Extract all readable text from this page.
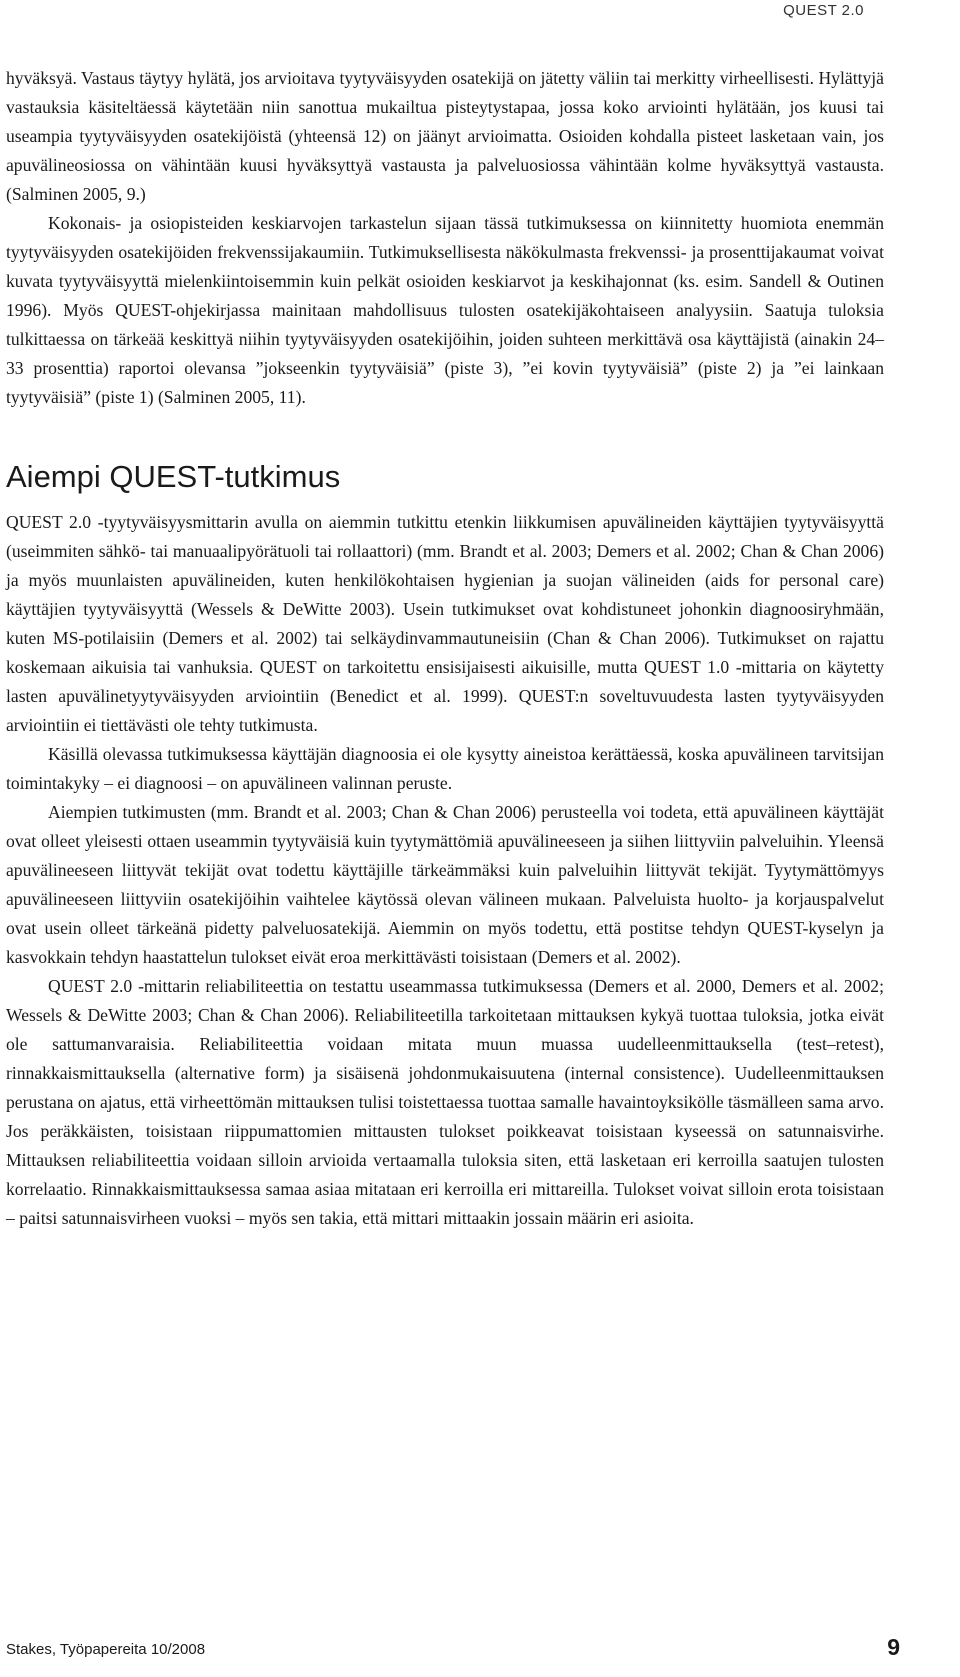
QUEST 2.0

hyväksyä. Vastaus täytyy hylätä, jos arvioitava tyytyväisyyden osatekijä on jätetty väliin tai merkitty virheellisesti. Hylättyjä vastauksia käsiteltäessä käytetään niin sanottua mukailtua pisteytystapaa, jossa koko arviointi hylätään, jos kuusi tai useampia tyytyväisyyden osatekijöistä (yhteensä 12) on jäänyt arvioimatta. Osioiden kohdalla pisteet lasketaan vain, jos apuvälineosiossa on vähintään kuusi hyväksyttyä vastausta ja palveluosiossa vähintään kolme hyväksyttyä vastausta. (Salminen 2005, 9.)

Kokonais- ja osiopisteiden keskiarvojen tarkastelun sijaan tässä tutkimuksessa on kiinnitetty huomiota enemmän tyytyväisyyden osatekijöiden frekvenssijakaumiin. Tutkimuksellisesta näkökulmasta frekvenssi- ja prosenttijakaumat voivat kuvata tyytyväisyyttä mielenkiintoisemmin kuin pelkät osioiden keskiarvot ja keskihajonnat (ks. esim. Sandell & Outinen 1996). Myös QUEST-ohjekirjassa mainitaan mahdollisuus tulosten osatekijäkohtaiseen analyysiin. Saatuja tuloksia tulkittaessa on tärkeää keskittyä niihin tyytyväisyyden osatekijöihin, joiden suhteen merkittävä osa käyttäjistä (ainakin 24–33 prosenttia) raportoi olevansa ”jokseenkin tyytyväisiä” (piste 3), ”ei kovin tyytyväisiä” (piste 2) ja ”ei lainkaan tyytyväisiä” (piste 1) (Salminen 2005, 11).

Aiempi QUEST-tutkimus

QUEST 2.0 -tyytyväisyysmittarin avulla on aiemmin tutkittu etenkin liikkumisen apuvälineiden käyttäjien tyytyväisyyttä (useimmiten sähkö- tai manuaalipyörätuoli tai rollaattori) (mm. Brandt et al. 2003; Demers et al. 2002; Chan & Chan 2006) ja myös muunlaisten apuvälineiden, kuten henkilökohtaisen hygienian ja suojan välineiden (aids for personal care) käyttäjien tyytyväisyyttä (Wessels & DeWitte 2003). Usein tutkimukset ovat kohdistuneet johonkin diagnoosiryhmään, kuten MS-potilaisiin (Demers et al. 2002) tai selkäydinvammautuneisiin (Chan & Chan 2006). Tutkimukset on rajattu koskemaan aikuisia tai vanhuksia. QUEST on tarkoitettu ensisijaisesti aikuisille, mutta QUEST 1.0 -mittaria on käytetty lasten apuvälinetyytyväisyyden arviointiin (Benedict et al. 1999). QUEST:n soveltuvuudesta lasten tyytyväisyyden arviointiin ei tiettävästi ole tehty tutkimusta.

Käsillä olevassa tutkimuksessa käyttäjän diagnoosia ei ole kysytty aineistoa kerättäessä, koska apuvälineen tarvitsijan toimintakyky – ei diagnoosi – on apuvälineen valinnan peruste.

Aiempien tutkimusten (mm. Brandt et al. 2003; Chan & Chan 2006) perusteella voi todeta, että apuvälineen käyttäjät ovat olleet yleisesti ottaen useammin tyytyväisiä kuin tyytymättömiä apuvälineeseen ja siihen liittyviin palveluihin. Yleensä apuvälineeseen liittyvät tekijät ovat todettu käyttäjille tärkeämmäksi kuin palveluihin liittyvät tekijät. Tyytymättömyys apuvälineeseen liittyviin osatekijöihin vaihtelee käytössä olevan välineen mukaan. Palveluista huolto- ja korjauspalvelut ovat usein olleet tärkeänä pidetty palveluosatekijä. Aiemmin on myös todettu, että postitse tehdyn QUEST-kyselyn ja kasvokkain tehdyn haastattelun tulokset eivät eroa merkittävästi toisistaan (Demers et al. 2002).

QUEST 2.0 -mittarin reliabiliteettia on testattu useammassa tutkimuksessa (Demers et al. 2000, Demers et al. 2002; Wessels & DeWitte 2003; Chan & Chan 2006). Reliabiliteetilla tarkoitetaan mittauksen kykyä tuottaa tuloksia, jotka eivät ole sattumanvaraisia. Reliabiliteettia voidaan mitata muun muassa uudelleenmittauksella (test–retest), rinnakkaismittauksella (alternative form) ja sisäisenä johdonmukaisuutena (internal consistence). Uudelleenmittauksen perustana on ajatus, että virheettömän mittauksen tulisi toistettaessa tuottaa samalle havaintoyksikölle täsmälleen sama arvo. Jos peräkkäisten, toisistaan riippumattomien mittausten tulokset poikkeavat toisistaan kyseessä on satunnaisvirhe. Mittauksen reliabiliteettia voidaan silloin arvioida vertaamalla tuloksia siten, että lasketaan eri kerroilla saatujen tulosten korrelaatio. Rinnakkaismittauksessa samaa asiaa mitataan eri kerroilla eri mittareilla. Tulokset voivat silloin erota toisistaan – paitsi satunnaisvirheen vuoksi – myös sen takia, että mittari mittaakin jossain määrin eri asioita.

Stakes, Työpapereita 10/2008	9
